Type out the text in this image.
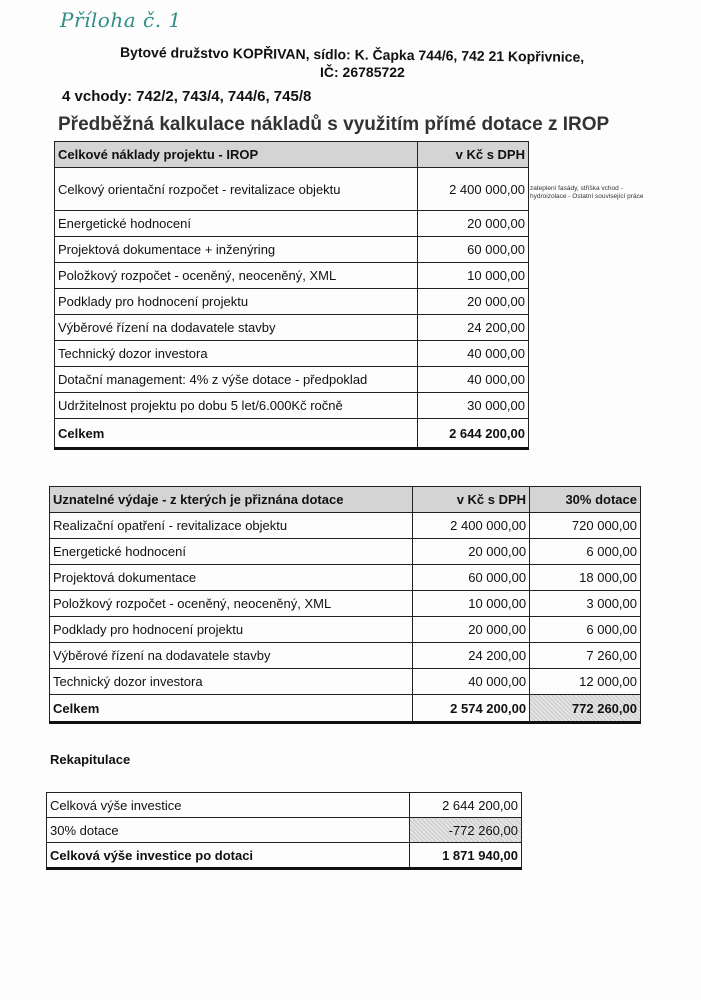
Příloha č. 1
Bytové družstvo KOPŘIVAN, sídlo: K. Čapka 744/6, 742 21 Kopřivnice,
IČ: 26785722
4 vchody: 742/2, 743/4, 744/6, 745/8
Předběžná kalkulace nákladů s využitím přímé dotace z IROP
Celkové náklady projektu - IROP	v Kč s DPH
Celkový orientační rozpočet - revitalizace objektu	2 400 000,00
Energetické hodnocení	20 000,00
Projektová dokumentace + inženýring	60 000,00
Položkový rozpočet - oceněný, neoceněný, XML	10 000,00
Podklady pro hodnocení projektu	20 000,00
Výběrové řízení na dodavatele stavby	24 200,00
Technický dozor investora	40 000,00
Dotační management: 4% z výše dotace - předpoklad	40 000,00
Udržitelnost projektu po dobu 5 let/6.000Kč ročně	30 000,00
Celkem	2 644 200,00
zateplení fasády, stříška vchod - hydroizolace - Ostatní související práce
Uznatelné výdaje - z kterých je přiznána dotace	v Kč s DPH	30% dotace
Realizační opatření - revitalizace objektu	2 400 000,00	720 000,00
Energetické hodnocení	20 000,00	6 000,00
Projektová dokumentace	60 000,00	18 000,00
Položkový rozpočet - oceněný, neoceněný, XML	10 000,00	3 000,00
Podklady pro hodnocení projektu	20 000,00	6 000,00
Výběrové řízení na dodavatele stavby	24 200,00	7 260,00
Technický dozor investora	40 000,00	12 000,00
Celkem	2 574 200,00	772 260,00
Rekapitulace
Celková výše investice	2 644 200,00
30% dotace	-772 260,00
Celková výše investice po dotaci	1 871 940,00
